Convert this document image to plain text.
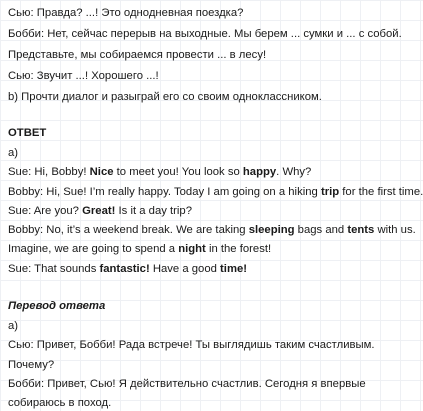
Сью: Правда? ...! Это однодневная поездка?
Бобби: Нет, сейчас перерыв на выходные. Мы берем ... сумки и ... с собой.
Представьте, мы собираемся провести ... в лесу!
Сью: Звучит ...! Хорошего ...!
b) Прочти диалог и разыграй его со своим одноклассником.
ОТВЕТ
а)
Sue: Hi, Bobby! Nice to meet you! You look so happy. Why?
Bobby: Hi, Sue! I’m really happy. Today I am going on a hiking trip for the first time.
Sue: Are you? Great! Is it a day trip?
Bobby: No, it’s a weekend break. We are taking sleeping bags and tents with us.
Imagine, we are going to spend a night in the forest!
Sue: That sounds fantastic! Have a good time!
Перевод ответа
а)
Сью: Привет, Бобби! Рада встрече! Ты выглядишь таким счастливым.
Почему?
Бобби: Привет, Сью! Я действительно счастлив. Сегодня я впервые
собираюсь в поход.
